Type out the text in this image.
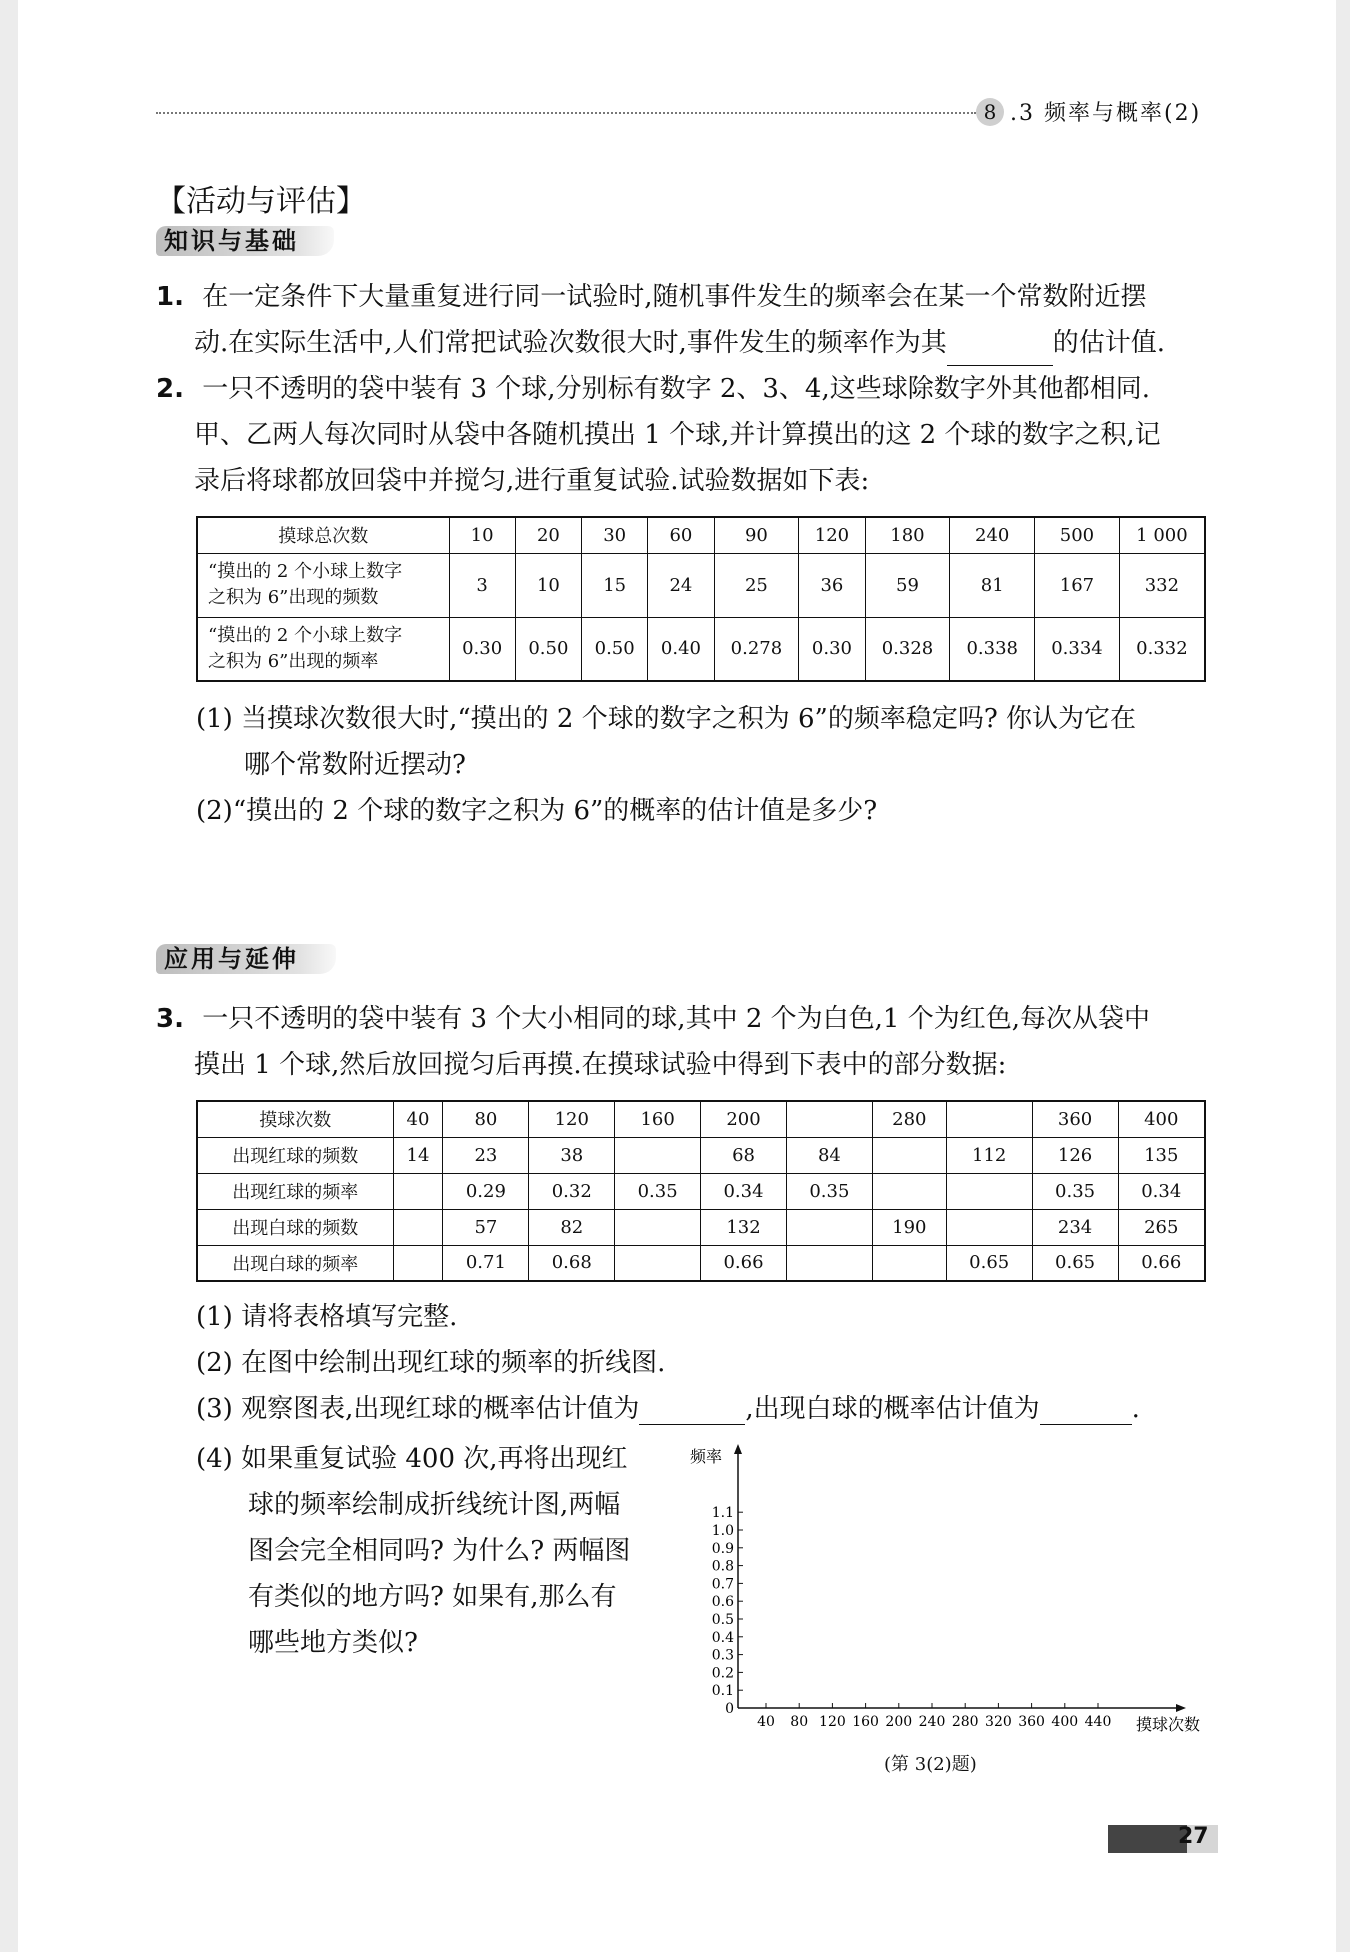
8 .3 频率与概率(2)
【活动与评估】
知识与基础
1. 在一定条件下大量重复进行同一试验时,随机事件发生的频率会在某一个常数附近摆
动.在实际生活中,人们常把试验次数很大时,事件发生的频率作为其	的估计值.
2. 一只不透明的袋中装有 3 个球,分别标有数字 2、3、4,这些球除数字外其他都相同.
甲、乙两人每次同时从袋中各随机摸出 1 个球,并计算摸出的这 2 个球的数字之积,记
录后将球都放回袋中并搅匀,进行重复试验.试验数据如下表:
摸球总次数	10	20	30	60	90	120	180	240	500	1 000
“摸出的 2 个小球上数字
之积为 6”出现的频数	3	10	15	24	25	36	59	81	167	332
“摸出的 2 个小球上数字
之积为 6”出现的频率	0.30	0.50	0.50	0.40	0.278	0.30	0.328	0.338	0.334	0.332
(1) 当摸球次数很大时,“摸出的 2 个球的数字之积为 6”的频率稳定吗? 你认为它在
哪个常数附近摆动?
(2)“摸出的 2 个球的数字之积为 6”的概率的估计值是多少?
应用与延伸
3. 一只不透明的袋中装有 3 个大小相同的球,其中 2 个为白色,1 个为红色,每次从袋中
摸出 1 个球,然后放回搅匀后再摸.在摸球试验中得到下表中的部分数据:
摸球次数	40	80	120	160	200		280		360	400
出现红球的频数	14	23	38		68	84		112	126	135
出现红球的频率		0.29	0.32	0.35	0.34	0.35			0.35	0.34
出现白球的频数		57	82		132		190		234	265
出现白球的频率		0.71	0.68		0.66			0.65	0.65	0.66
(1) 请将表格填写完整.
(2) 在图中绘制出现红球的频率的折线图.
(3) 观察图表,出现红球的概率估计值为	,出现白球的概率估计值为	.
(4) 如果重复试验 400 次,再将出现红
球的频率绘制成折线统计图,两幅
图会完全相同吗? 为什么? 两幅图
有类似的地方吗? 如果有,那么有
哪些地方类似?
频率
摸球次数
0
0.1
0.2
0.3
0.4
0.5
0.6
0.7
0.8
0.9
1.0
1.1
40 80 120 160 200 240 280 320 360 400 440
(第 3(2)题)
27
